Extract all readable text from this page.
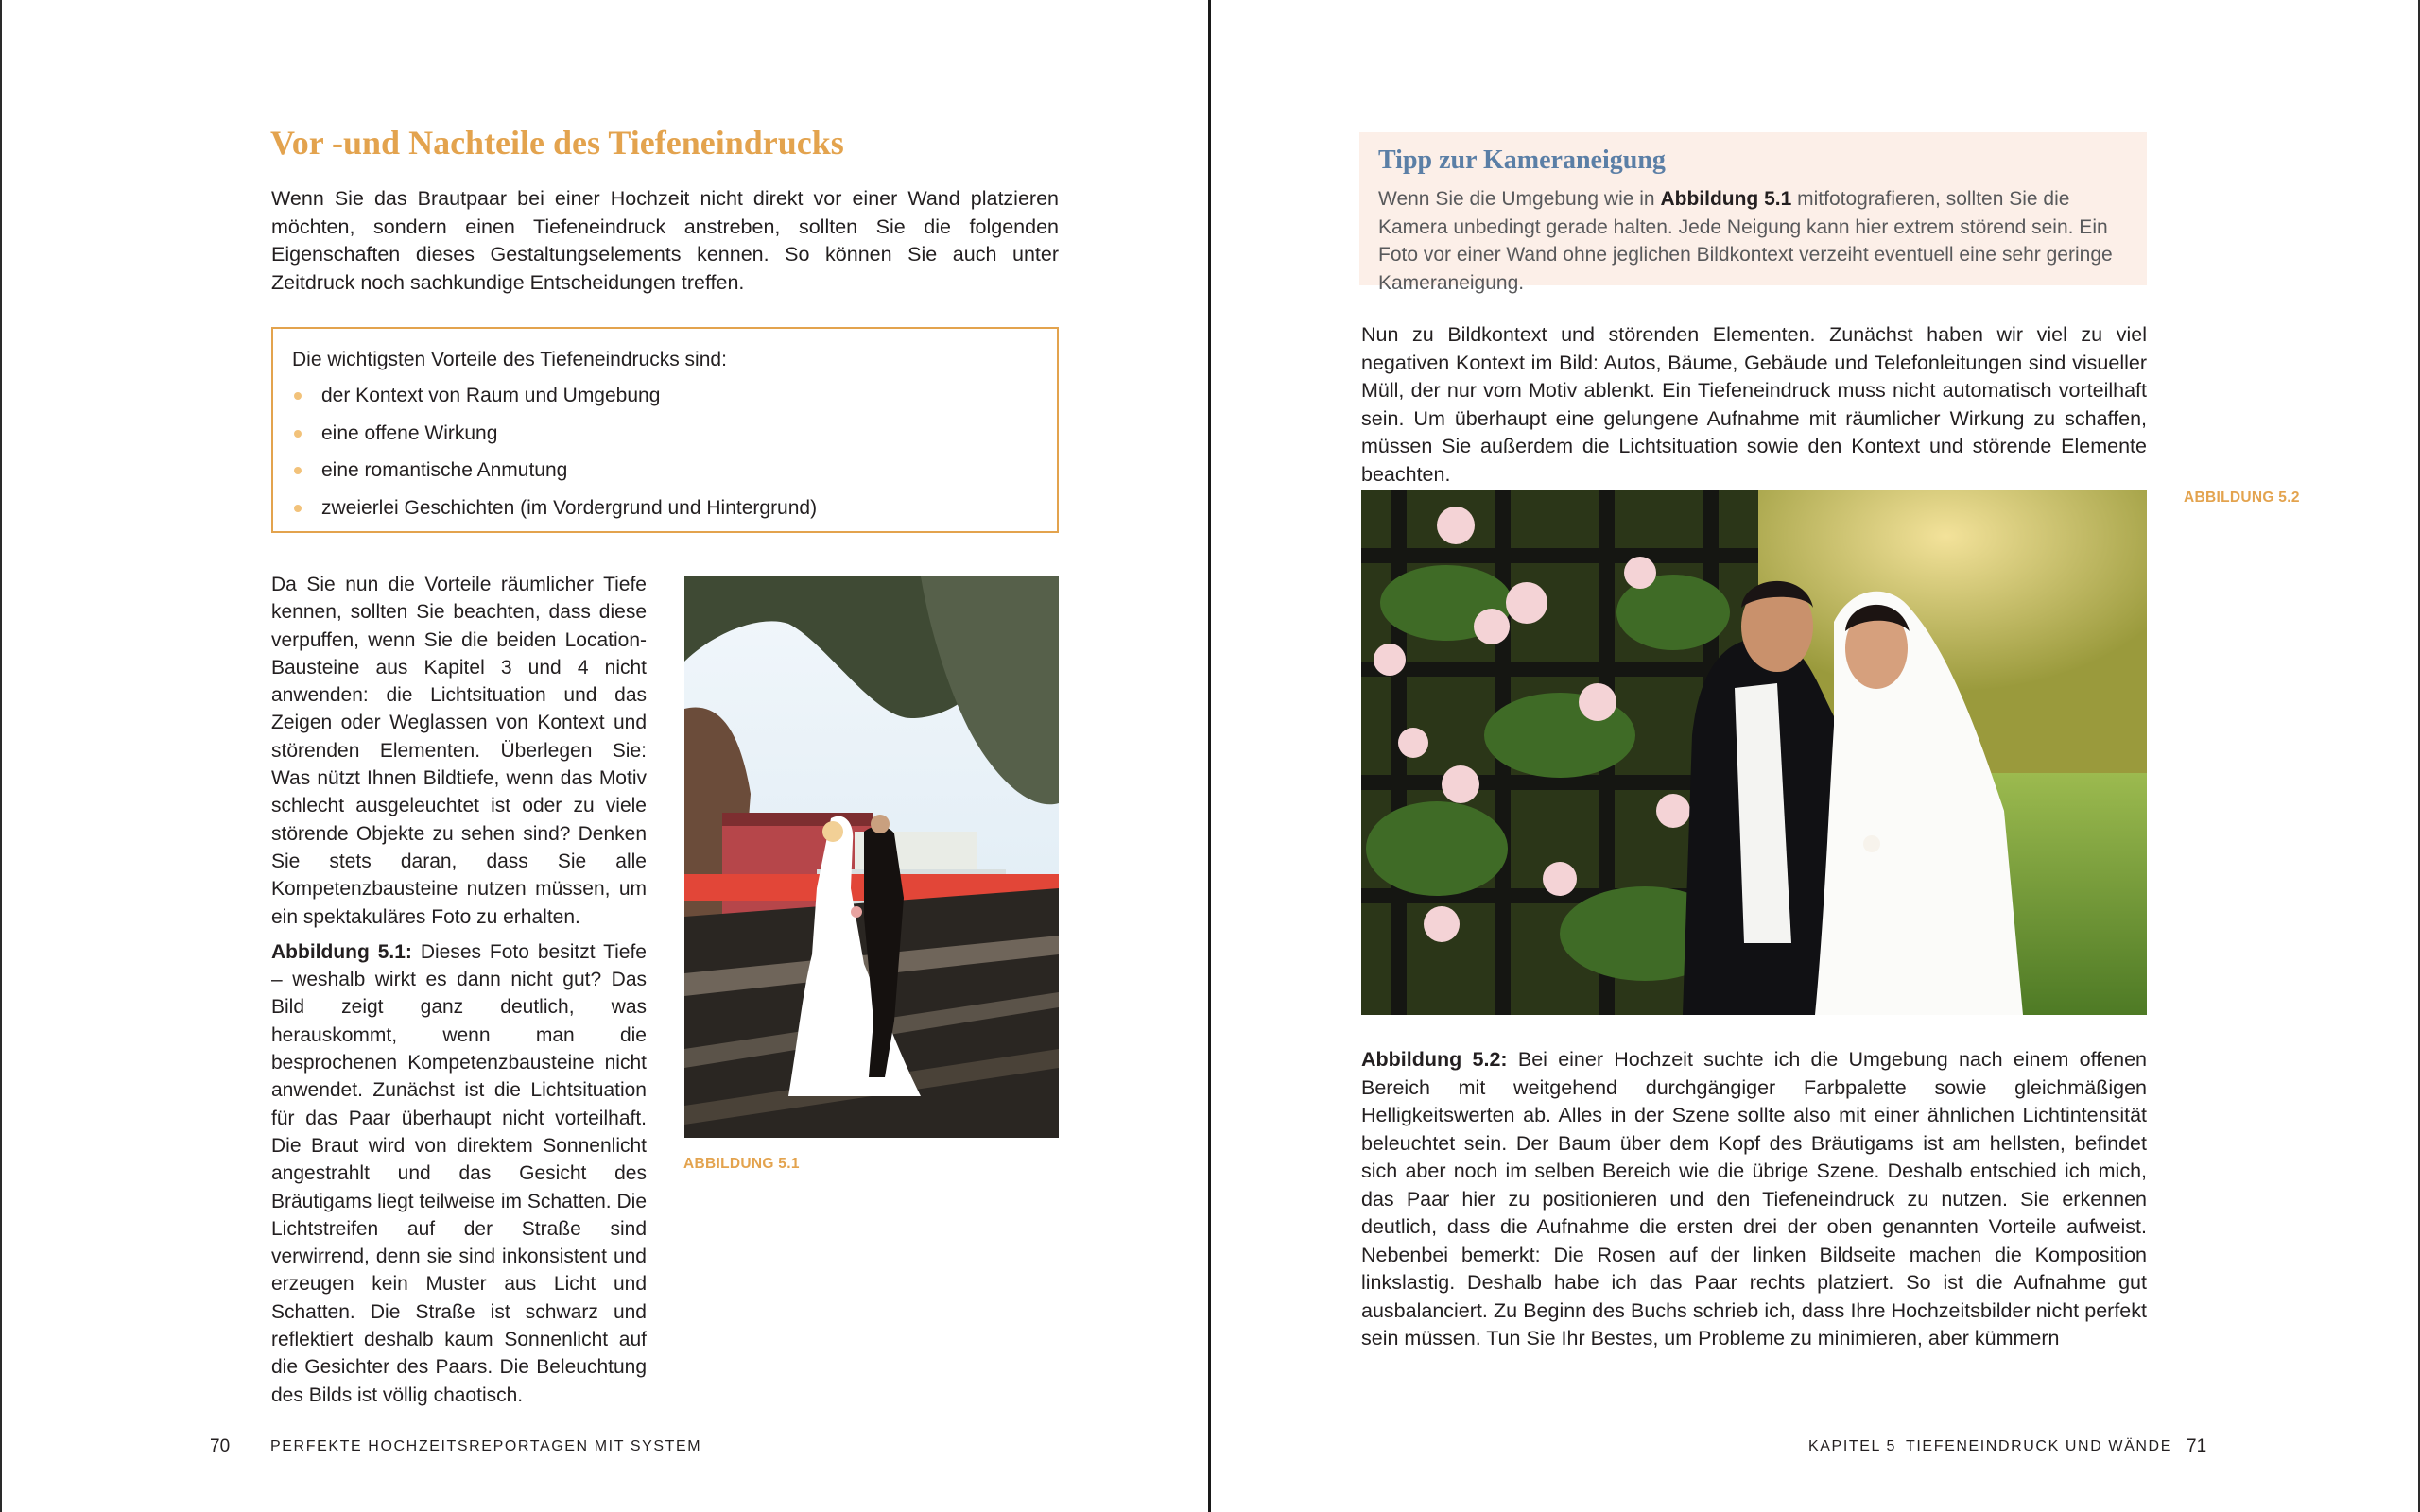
Vor -und Nachteile des Tiefeneindrucks

Wenn Sie das Brautpaar bei einer Hochzeit nicht direkt vor einer Wand platzieren möchten, sondern einen Tiefeneindruck anstreben, sollten Sie die folgenden Eigenschaften dieses Gestaltungselements kennen. So können Sie auch unter Zeitdruck noch sachkundige Entscheidungen treffen.

Die wichtigsten Vorteile des Tiefeneindrucks sind:

der Kontext von Raum und Umgebung
eine offene Wirkung
eine romantische Anmutung
zweierlei Geschichten (im Vordergrund und Hintergrund)

Da Sie nun die Vorteile räumlicher Tiefe kennen, sollten Sie beachten, dass diese verpuffen, wenn Sie die beiden Location-Bausteine aus Kapitel 3 und 4 nicht anwenden: die Lichtsituation und das Zeigen oder Weglassen von Kontext und störenden Elementen. Überlegen Sie: Was nützt Ihnen Bildtiefe, wenn das Motiv schlecht ausgeleuchtet ist oder zu viele störende Objekte zu sehen sind? Denken Sie stets daran, dass Sie alle Kompetenzbausteine nutzen müssen, um ein spektakuläres Foto zu erhalten.

Abbildung 5.1: Dieses Foto besitzt Tiefe – weshalb wirkt es dann nicht gut? Das Bild zeigt ganz deutlich, was herauskommt, wenn man die besprochenen Kompetenzbausteine nicht anwendet. Zunächst ist die Lichtsituation für das Paar überhaupt nicht vorteilhaft. Die Braut wird von direktem Sonnenlicht angestrahlt und das Gesicht des Bräutigams liegt teilweise im Schatten. Die Lichtstreifen auf der Straße sind verwirrend, denn sie sind inkonsistent und erzeugen kein Muster aus Licht und Schatten. Die Straße ist schwarz und reflektiert deshalb kaum Sonnenlicht auf die Gesichter des Paars. Die Beleuchtung des Bilds ist völlig chaotisch.

ABBILDUNG 5.1
70	PERFEKTE HOCHZEITSREPORTAGEN MIT SYSTEM
Tipp zur Kameraneigung

Wenn Sie die Umgebung wie in Abbildung 5.1 mitfotografieren, sollten Sie die Kamera unbedingt gerade halten. Jede Neigung kann hier extrem störend sein. Ein Foto vor einer Wand ohne jeglichen Bildkontext verzeiht eventuell eine sehr geringe Kameraneigung.

Nun zu Bildkontext und störenden Elementen. Zunächst haben wir viel zu viel negativen Kontext im Bild: Autos, Bäume, Gebäude und Telefonleitungen sind visueller Müll, der nur vom Motiv ablenkt. Ein Tiefeneindruck muss nicht automatisch vorteilhaft sein. Um überhaupt eine gelungene Aufnahme mit räumlicher Wirkung zu schaffen, müssen Sie außerdem die Lichtsituation sowie den Kontext und störende Elemente beachten.

ABBILDUNG 5.2

Abbildung 5.2: Bei einer Hochzeit suchte ich die Umgebung nach einem offenen Bereich mit weitgehend durchgängiger Farbpalette sowie gleichmäßigen Helligkeitswerten ab. Alles in der Szene sollte also mit einer ähnlichen Lichtintensität beleuchtet sein. Der Baum über dem Kopf des Bräutigams ist am hellsten, befindet sich aber noch im selben Bereich wie die übrige Szene. Deshalb entschied ich mich, das Paar hier zu positionieren und den Tiefeneindruck zu nutzen. Sie erkennen deutlich, dass die Aufnahme die ersten drei der oben genannten Vorteile aufweist. Nebenbei bemerkt: Die Rosen auf der linken Bildseite machen die Komposition linkslastig. Deshalb habe ich das Paar rechts platziert. So ist die Aufnahme gut ausbalanciert. Zu Beginn des Buchs schrieb ich, dass Ihre Hochzeitsbilder nicht perfekt sein müssen. Tun Sie Ihr Bestes, um Probleme zu minimieren, aber kümmern

KAPITEL 5 TIEFENEINDRUCK UND WÄNDE 71
